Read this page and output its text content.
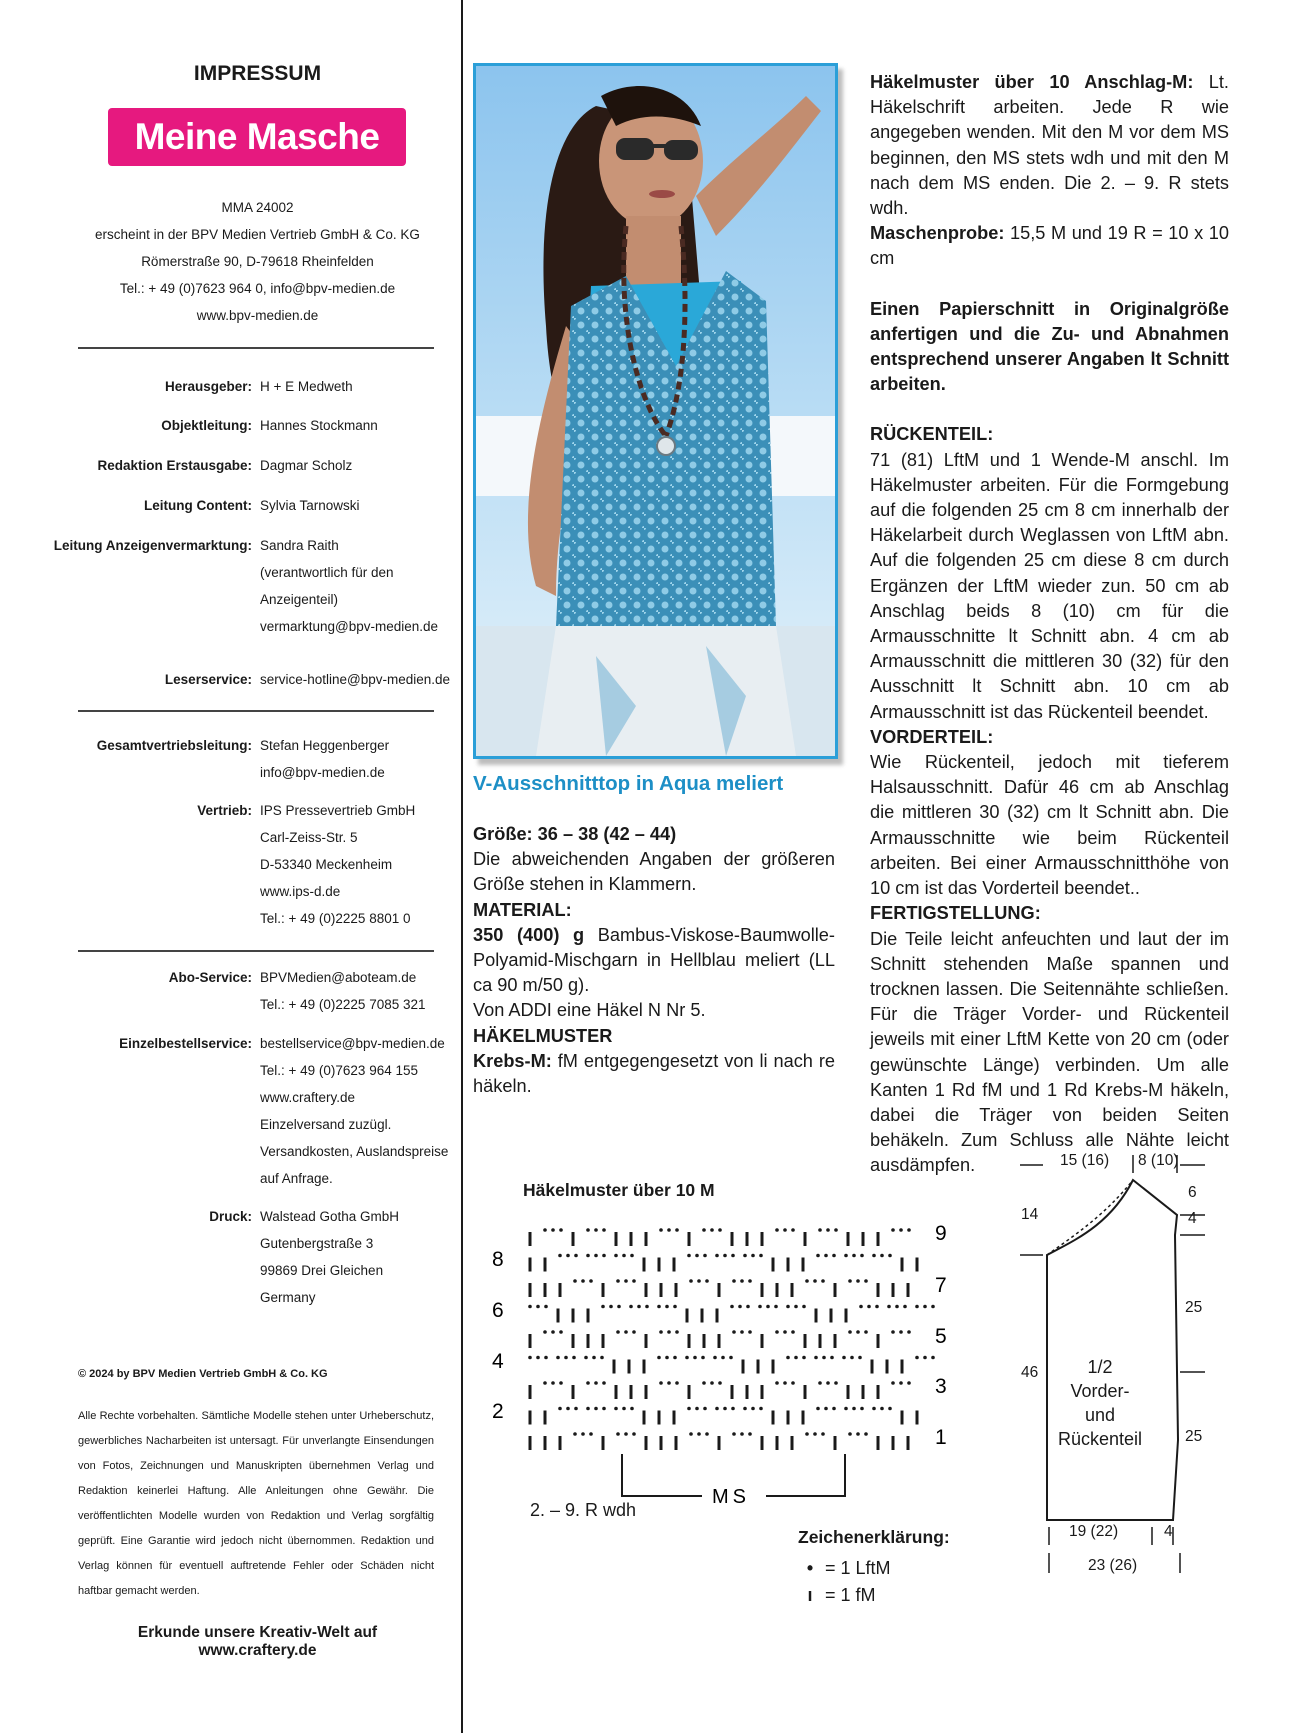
IMPRESSUM
Meine Masche
MMA 24002
erscheint in der BPV Medien Vertrieb GmbH & Co. KG
Römerstraße 90, D-79618 Rheinfelden
Tel.: + 49 (0)7623 964 0, info@bpv-medien.de
www.bpv-medien.de
Herausgeber: H + E Medweth
Objektleitung: Hannes Stockmann
Redaktion Erstausgabe: Dagmar Scholz
Leitung Content: Sylvia Tarnowski
Leitung Anzeigenvermarktung: Sandra Raith
(verantwortlich für den
Anzeigenteil)
vermarktung@bpv-medien.de
Leserservice: service-hotline@bpv-medien.de
Gesamtvertriebsleitung: Stefan Heggenberger
info@bpv-medien.de
Vertrieb: IPS Pressevertrieb GmbH
Carl-Zeiss-Str. 5
D-53340 Meckenheim
www.ips-d.de
Tel.: + 49 (0)2225 8801 0
Abo-Service: BPVMedien@aboteam.de
Tel.: + 49 (0)2225 7085 321
Einzelbestellservice: bestellservice@bpv-medien.de
Tel.: + 49 (0)7623 964 155
www.craftery.de
Einzelversand zuzügl.
Versandkosten, Auslandspreise
auf Anfrage.
Druck: Walstead Gotha GmbH
Gutenbergstraße 3
99869 Drei Gleichen
Germany
© 2024 by BPV Medien Vertrieb GmbH & Co. KG
Alle Rechte vorbehalten. Sämtliche Modelle stehen unter Urheberschutz, gewerbliches Nacharbeiten ist untersagt. Für unverlangte Einsendungen von Fotos, Zeichnungen und Manuskripten übernehmen Verlag und Redaktion keinerlei Haftung. Alle Anleitungen ohne Gewähr. Die veröffentlichten Modelle wurden von Redaktion und Verlag sorgfältig geprüft. Eine Garantie wird jedoch nicht übernommen. Redaktion und Verlag können für eventuell auftretende Fehler oder Schäden nicht haftbar gemacht werden.
Erkunde unsere Kreativ-Welt auf www.craftery.de
V-Ausschnitttop in Aqua meliert
Größe: 36 – 38 (42 – 44)
Die abweichenden Angaben der größeren Größe stehen in Klammern.
MATERIAL:
350 (400) g Bambus-Viskose-Baumwolle-Polyamid-Mischgarn in Hellblau meliert (LL ca 90 m/50 g).
Von ADDI eine Häkel N Nr 5.
HÄKELMUSTER
Krebs-M: fM entgegengesetzt von li nach re häkeln.
Häkelmuster über 10 Anschlag-M: Lt. Häkelschrift arbeiten. Jede R wie angegeben wenden. Mit den M vor dem MS beginnen, den MS stets wdh und mit den M nach dem MS enden. Die 2. – 9. R stets wdh.
Maschenprobe: 15,5 M und 19 R = 10 x 10 cm
Einen Papierschnitt in Originalgröße anfertigen und die Zu- und Abnahmen entsprechend unserer Angaben lt Schnitt arbeiten.
RÜCKENTEIL:
71 (81) LftM und 1 Wende-M anschl. Im Häkelmuster arbeiten. Für die Formgebung auf die folgenden 25 cm 8 cm innerhalb der Häkelarbeit durch Weglassen von LftM abn. Auf die folgenden 25 cm diese 8 cm durch Ergänzen der LftM wieder zun. 50 cm ab Anschlag beids 8 (10) cm für die Armausschnitte lt Schnitt abn. 4 cm ab Armausschnitt die mittleren 30 (32) für den Ausschnitt lt Schnitt abn. 10 cm ab Armausschnitt ist das Rückenteil beendet.
VORDERTEIL:
Wie Rückenteil, jedoch mit tieferem Halsausschnitt. Dafür 46 cm ab Anschlag die mittleren 30 (32) cm lt Schnitt abn. Die Armausschnitte wie beim Rückenteil arbeiten. Bei einer Armausschnitthöhe von 10 cm ist das Vorderteil beendet..
FERTIGSTELLUNG:
Die Teile leicht anfeuchten und laut der im Schnitt stehenden Maße spannen und trocknen lassen. Die Seitennähte schließen. Für die Träger Vorder- und Rückenteil jeweils mit einer LftM Kette von 20 cm (oder gewünschte Länge) verbinden. Um alle Kanten 1 Rd fM und 1 Rd Krebs-M häkeln, dabei die Träger von beiden Seiten behäkeln. Zum Schluss alle Nähte leicht ausdämpfen.
Häkelmuster über 10 M
8
6
4
2
9
7
5
3
1
MS
2. – 9. R wdh
Zeichenerklärung:
• = 1 LftM
ı = 1 fM
15 (16) 8 (10)
14
46
6
4
25
25
1/2
Vorder-
und
Rückenteil
19 (22)	4
23 (26)
